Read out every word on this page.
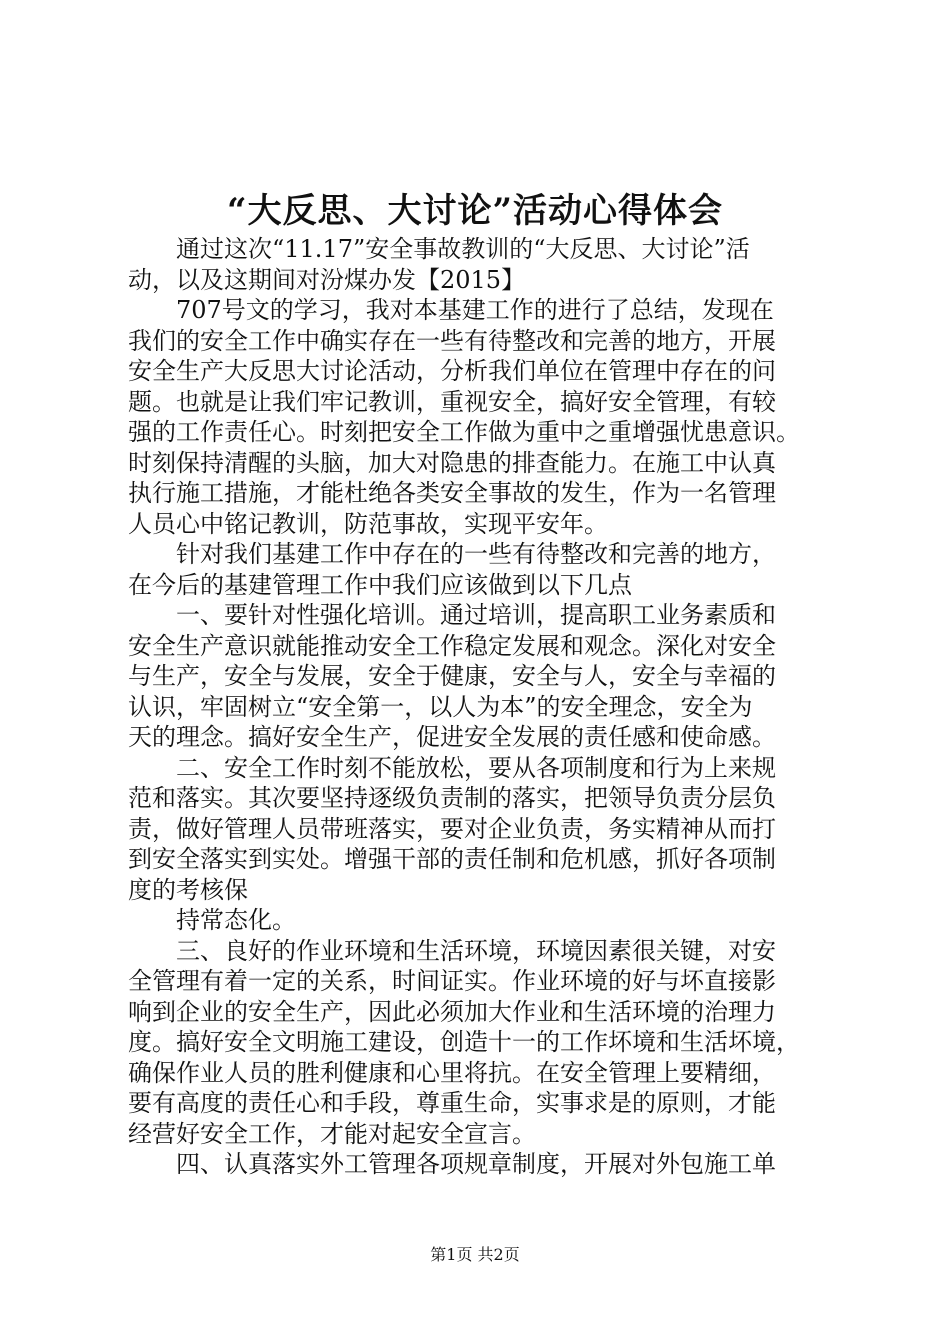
“大反思、大讨论”活动心得体会
　　通过这次“11.17”安全事故教训的“大反思、大讨论”活
动，以及这期间对汾煤办发【2015】
　　707号文的学习，我对本基建工作的进行了总结，发现在
我们的安全工作中确实存在一些有待整改和完善的地方，开展
安全生产大反思大讨论活动，分析我们单位在管理中存在的问
题。也就是让我们牢记教训，重视安全，搞好安全管理，有较
强的工作责任心。时刻把安全工作做为重中之重增强忧患意识。
时刻保持清醒的头脑，加大对隐患的排查能力。在施工中认真
执行施工措施，才能杜绝各类安全事故的发生，作为一名管理
人员心中铭记教训，防范事故，实现平安年。
　　针对我们基建工作中存在的一些有待整改和完善的地方，
在今后的基建管理工作中我们应该做到以下几点
　　一、要针对性强化培训。通过培训，提高职工业务素质和
安全生产意识就能推动安全工作稳定发展和观念。深化对安全
与生产，安全与发展，安全于健康，安全与人，安全与幸福的
认识，牢固树立“安全第一，以人为本”的安全理念，安全为
天的理念。搞好安全生产，促进安全发展的责任感和使命感。
　　二、安全工作时刻不能放松，要从各项制度和行为上来规
范和落实。其次要坚持逐级负责制的落实，把领导负责分层负
责，做好管理人员带班落实，要对企业负责，务实精神从而打
到安全落实到实处。增强干部的责任制和危机感，抓好各项制
度的考核保
　　持常态化。
　　三、良好的作业环境和生活环境，环境因素很关键，对安
全管理有着一定的关系，时间证实。作业环境的好与坏直接影
响到企业的安全生产，因此必须加大作业和生活环境的治理力
度。搞好安全文明施工建设，创造十一的工作坏境和生活坏境，
确保作业人员的胜利健康和心里将抗。在安全管理上要精细，
要有高度的责任心和手段，尊重生命，实事求是的原则，才能
经营好安全工作，才能对起安全宣言。
　　四、认真落实外工管理各项规章制度，开展对外包施工单
第1页 共2页
